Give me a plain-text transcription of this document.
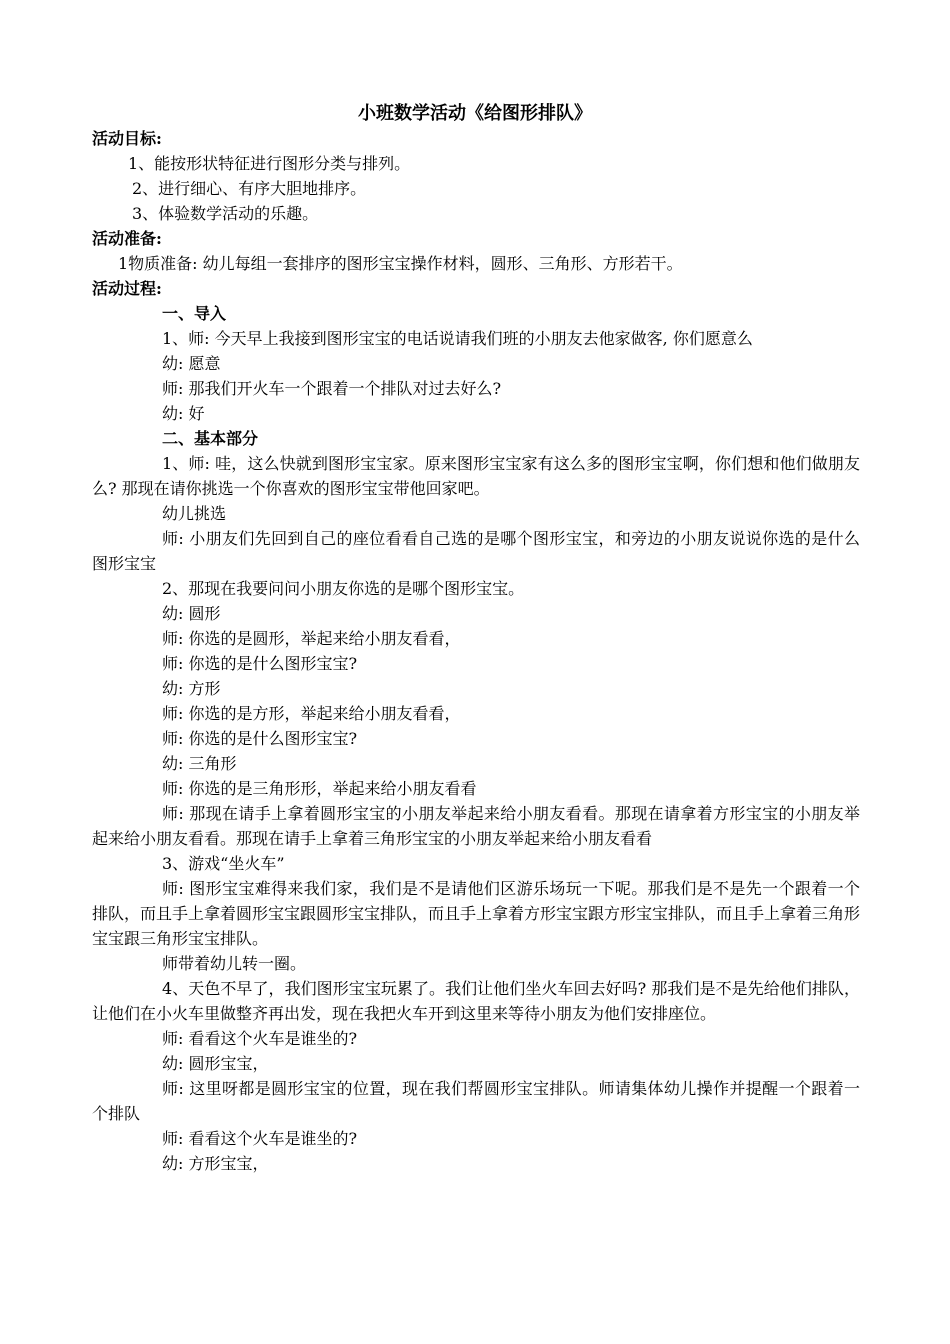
小班数学活动《给图形排队》
活动目标:
1、能按形状特征进行图形分类与排列。
2、进行细心、有序大胆地排序。
3、体验数学活动的乐趣。
活动准备:
1物质准备: 幼儿每组一套排序的图形宝宝操作材料，圆形、三角形、方形若干。
活动过程:
一、导入
1、师: 今天早上我接到图形宝宝的电话说请我们班的小朋友去他家做客, 你们愿意么
幼: 愿意
师: 那我们开火车一个跟着一个排队对过去好么?
幼: 好
二、基本部分
1、师: 哇，这么快就到图形宝宝家。原来图形宝宝家有这么多的图形宝宝啊，你们想和他们做朋友么? 那现在请你挑选一个你喜欢的图形宝宝带他回家吧。
幼儿挑选
师: 小朋友们先回到自己的座位看看自己选的是哪个图形宝宝，和旁边的小朋友说说你选的是什么图形宝宝
2、那现在我要问问小朋友你选的是哪个图形宝宝。
幼: 圆形
师: 你选的是圆形，举起来给小朋友看看，
师: 你选的是什么图形宝宝?
幼: 方形
师: 你选的是方形，举起来给小朋友看看，
师: 你选的是什么图形宝宝?
幼: 三角形
师: 你选的是三角形形，举起来给小朋友看看
师: 那现在请手上拿着圆形宝宝的小朋友举起来给小朋友看看。那现在请拿着方形宝宝的小朋友举起来给小朋友看看。那现在请手上拿着三角形宝宝的小朋友举起来给小朋友看看
3、游戏“坐火车”
师: 图形宝宝难得来我们家，我们是不是请他们区游乐场玩一下呢。那我们是不是先一个跟着一个排队，而且手上拿着圆形宝宝跟圆形宝宝排队，而且手上拿着方形宝宝跟方形宝宝排队，而且手上拿着三角形宝宝跟三角形宝宝排队。
师带着幼儿转一圈。
4、天色不早了，我们图形宝宝玩累了。我们让他们坐火车回去好吗? 那我们是不是先给他们排队，让他们在小火车里做整齐再出发，现在我把火车开到这里来等待小朋友为他们安排座位。
师: 看看这个火车是谁坐的?
幼: 圆形宝宝，
师: 这里呀都是圆形宝宝的位置，现在我们帮圆形宝宝排队。师请集体幼儿操作并提醒一个跟着一个排队
师: 看看这个火车是谁坐的?
幼: 方形宝宝，
